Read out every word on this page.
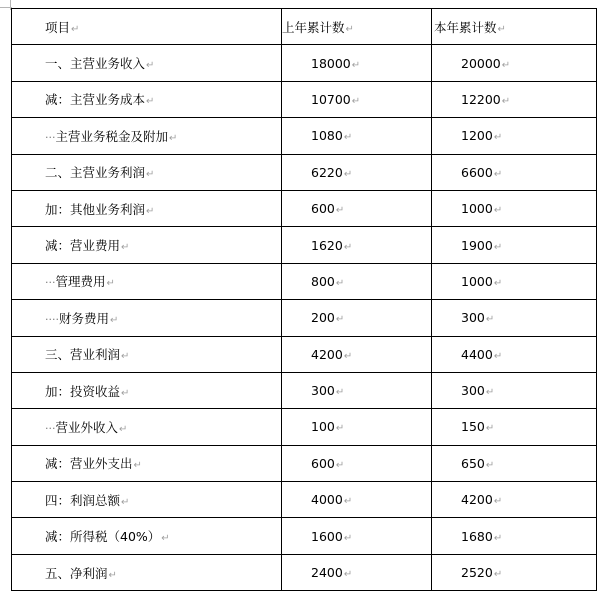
项目↵	上年累计数↵	本年累计数↵
一、主营业务收入↵	18000↵	20000↵
减：主营业务成本↵	10700↵	12200↵
···主营业务税金及附加↵	1080↵	1200↵
二、主营业务利润↵	6220↵	6600↵
加：其他业务利润↵	600↵	1000↵
减：营业费用↵	1620↵	1900↵
···管理费用↵	800↵	1000↵
····财务费用↵	200↵	300↵
三、营业利润↵	4200↵	4400↵
加：投资收益↵	300↵	300↵
···营业外收入↵	100↵	150↵
减：营业外支出↵	600↵	650↵
四：利润总额↵	4000↵	4200↵
减：所得税（40%）↵	1600↵	1680↵
五、净利润↵	2400↵	2520↵
